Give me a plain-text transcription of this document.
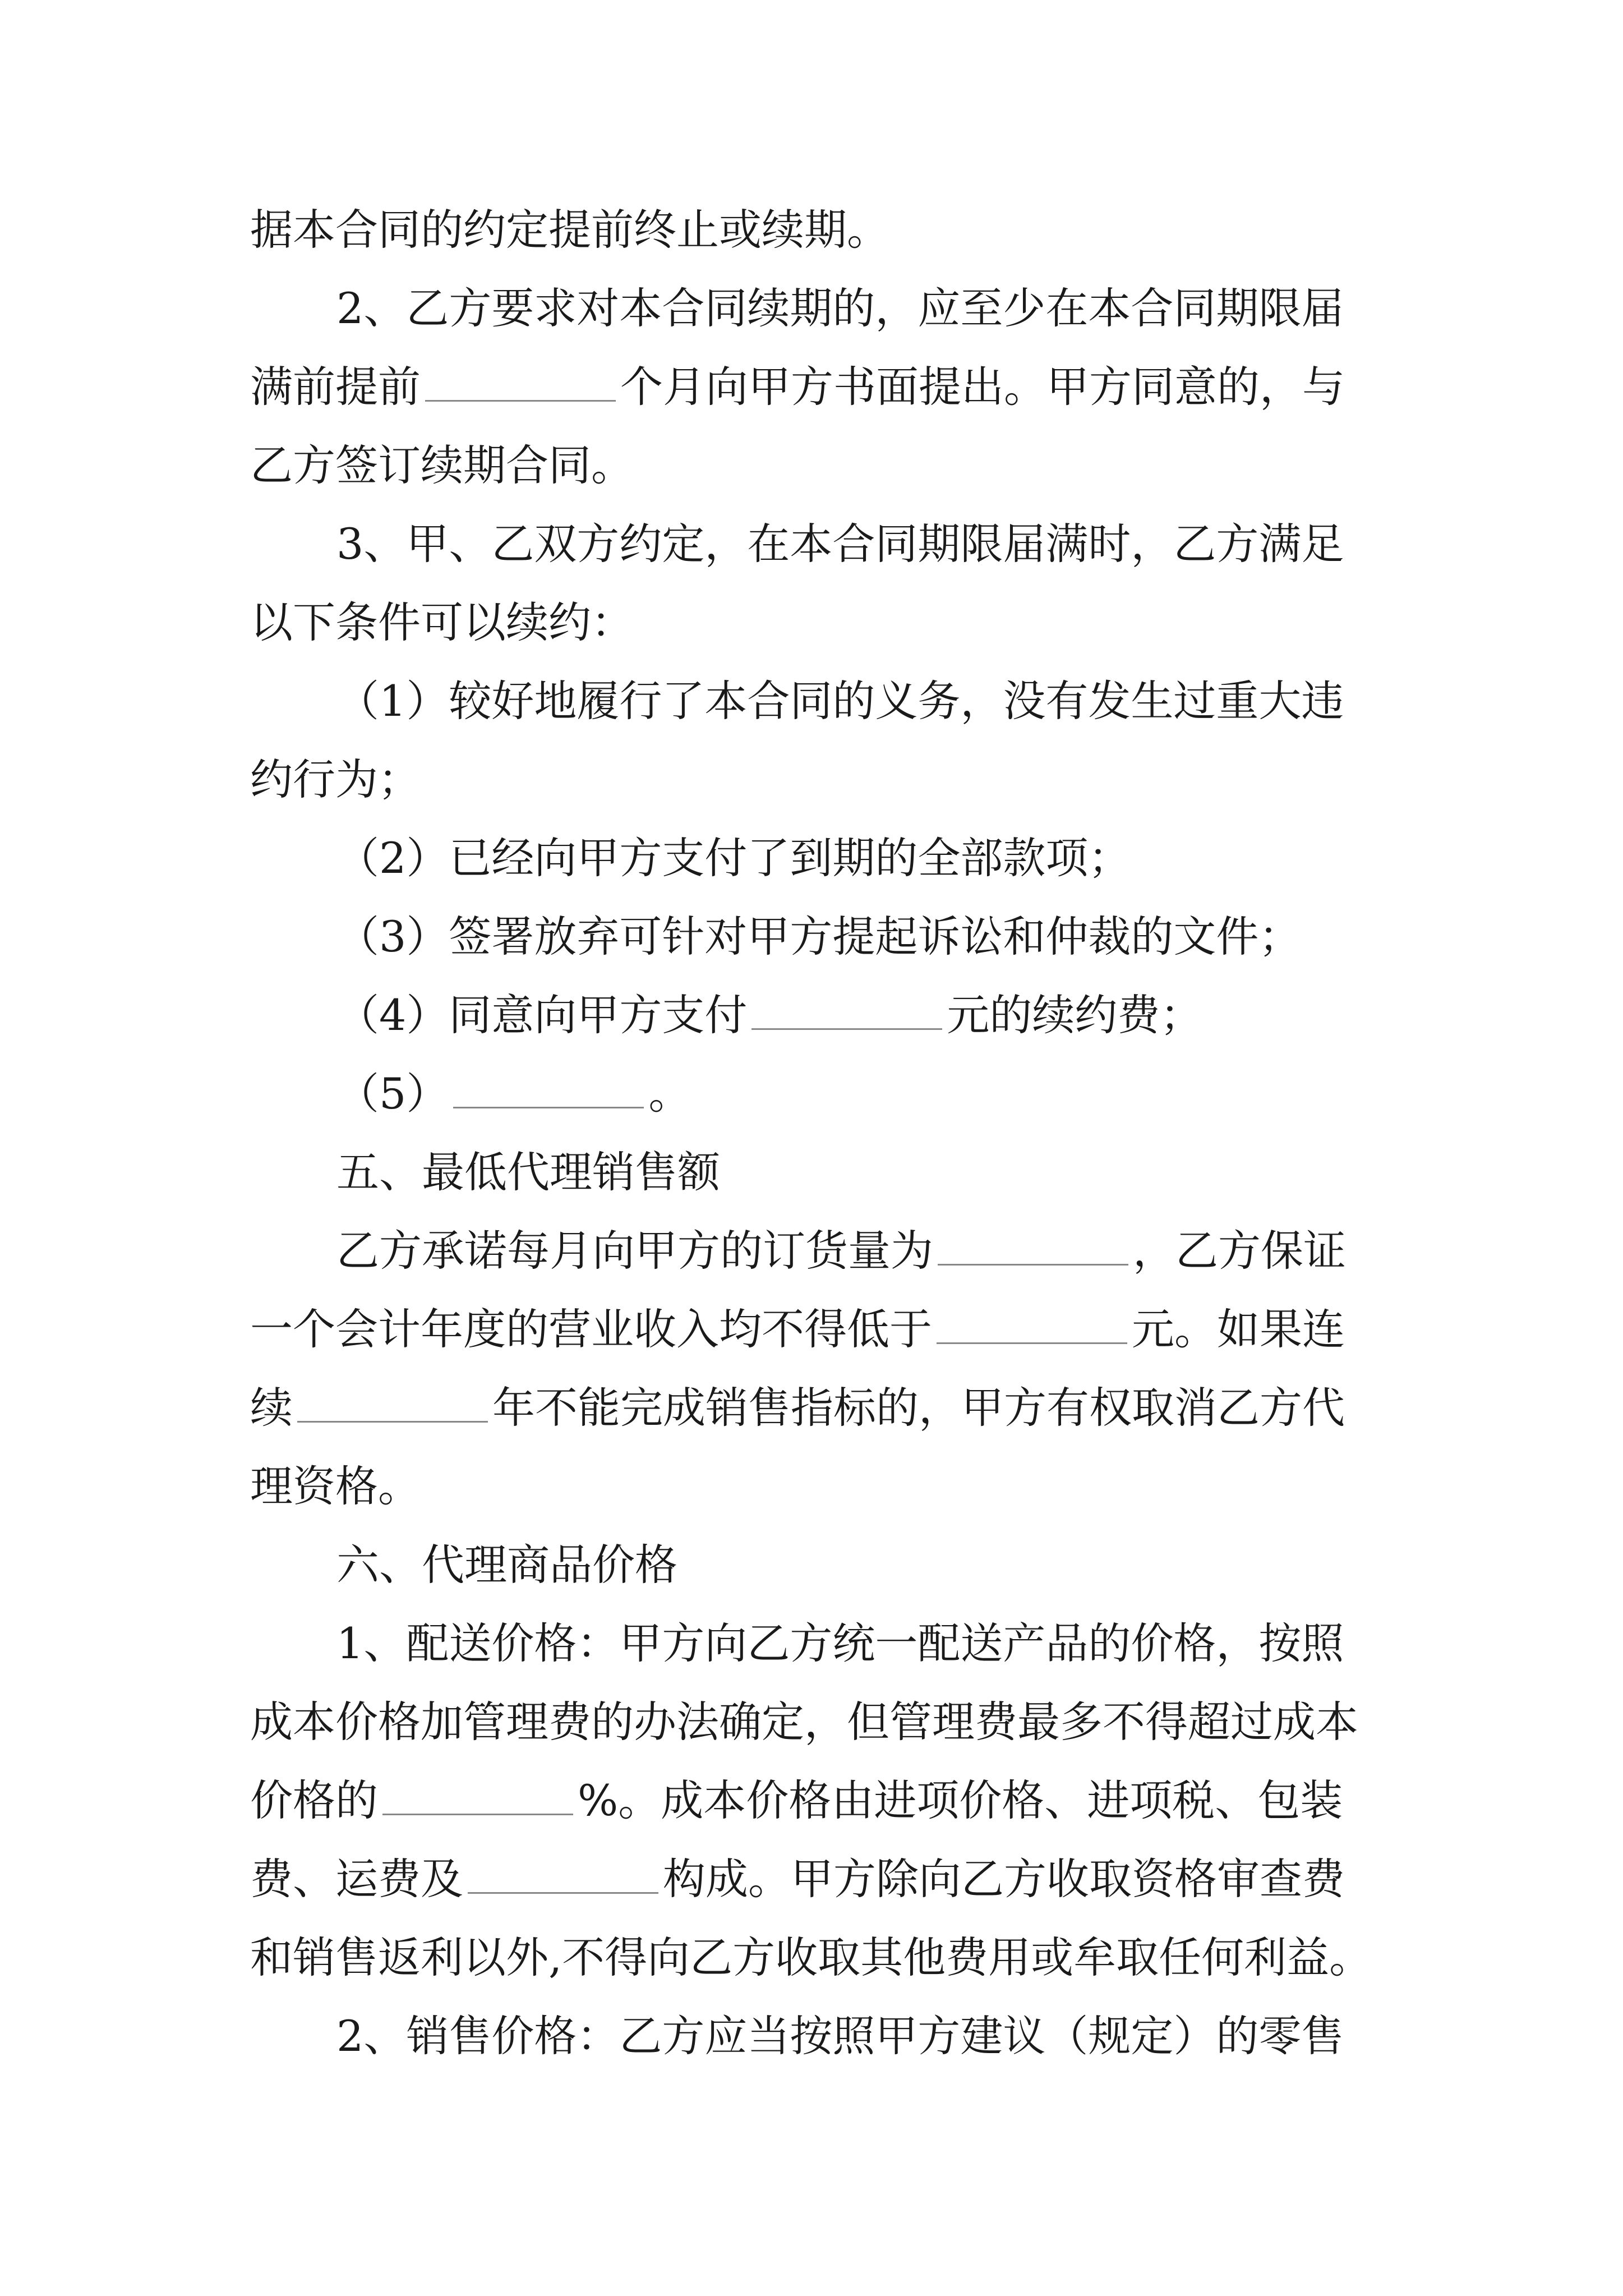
据本合同的约定提前终止或续期。
2、乙方要求对本合同续期的，应至少在本合同期限届
满前提前	个月向甲方书面提出。甲方同意的，与
乙方签订续期合同。
3、甲、乙双方约定，在本合同期限届满时，乙方满足
以下条件可以续约：
（1）较好地履行了本合同的义务，没有发生过重大违
约行为；
（2）已经向甲方支付了到期的全部款项；
（3）签署放弃可针对甲方提起诉讼和仲裁的文件；
（4）同意向甲方支付	元的续约费；
（5）	。
五、最低代理销售额
乙方承诺每月向甲方的订货量为	，乙方保证
一个会计年度的营业收入均不得低于	元。如果连
续	年不能完成销售指标的，甲方有权取消乙方代
理资格。
六、代理商品价格
1、配送价格：甲方向乙方统一配送产品的价格，按照
成本价格加管理费的办法确定，但管理费最多不得超过成本
价格的	%。成本价格由进项价格、进项税、包装
费、运费及	构成。甲方除向乙方收取资格审查费
和销售返利以外,不得向乙方收取其他费用或牟取任何利益。
2、销售价格：乙方应当按照甲方建议（规定）的零售
